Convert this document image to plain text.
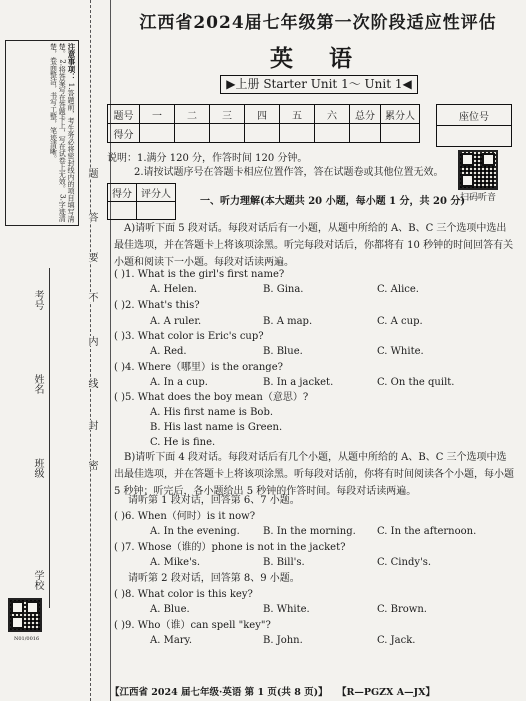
注意事项： 1.答题前，考生务必将密封线内的项目填写清楚。 2.将答案写在答题卡上，写在试卷上无效。 3.字迹清楚，卷面整洁，书写工整，笔迹清晰。
题
答
要
不
内
线
封
密
考号
姓名
班级
学校
N01/0016
江西省2024届七年级第一次阶段适应性评估
英 语
▶上册 Starter Unit 1～ Unit 1◀
题号	一	二	三	四	五	六	总分	累分人
得分								
座位号

说明：1.满分 120 分，作答时间 120 分钟。
2.请按试题序号在答题卡相应位置作答，答在试题卷或其他位置无效。
扫码听音
得分	评分人

一、听力理解(本大题共 20 小题，每小题 1 分，共 20 分)
A)请听下面 5 段对话。每段对话后有一小题，从题中所给的 A、B、C 三个选项中选出最佳选项，并在答题卡上将该项涂黑。听完每段对话后，你都将有 10 秒钟的时间回答有关小题和阅读下一小题。每段对话读两遍。
( )1. What is the girl's first name?
A. Helen.	B. Gina.	C. Alice.
( )2. What's this?
A. A ruler.	B. A map.	C. A cup.
( )3. What color is Eric's cup?
A. Red.	B. Blue.	C. White.
( )4. Where（哪里）is the orange?
A. In a cup.	B. In a jacket.	C. On the quilt.
( )5. What does the boy mean（意思）?
A. His first name is Bob.
B. His last name is Green.
C. He is fine.
B)请听下面 4 段对话。每段对话后有几个小题，从题中所给的 A、B、C 三个选项中选出最佳选项，并在答题卡上将该项涂黑。听每段对话前，你将有时间阅读各个小题，每小题 5 秒钟；听完后，各小题给出 5 秒钟的作答时间。每段对话读两遍。
请听第 1 段对话，回答第 6、7 小题。
( )6. When（何时）is it now?
A. In the evening. B. In the morning. C. In the afternoon.
( )7. Whose（谁的）phone is not in the jacket?
A. Mike's.	B. Bill's.	C. Cindy's.
请听第 2 段对话，回答第 8、9 小题。
( )8. What color is this key?
A. Blue.	B. White.	C. Brown.
( )9. Who（谁）can spell "key"?
A. Mary.	B. John.	C. Jack.
【江西省 2024 届七年级·英语 第 1 页(共 8 页)】 【R—PGZX A—JX】
